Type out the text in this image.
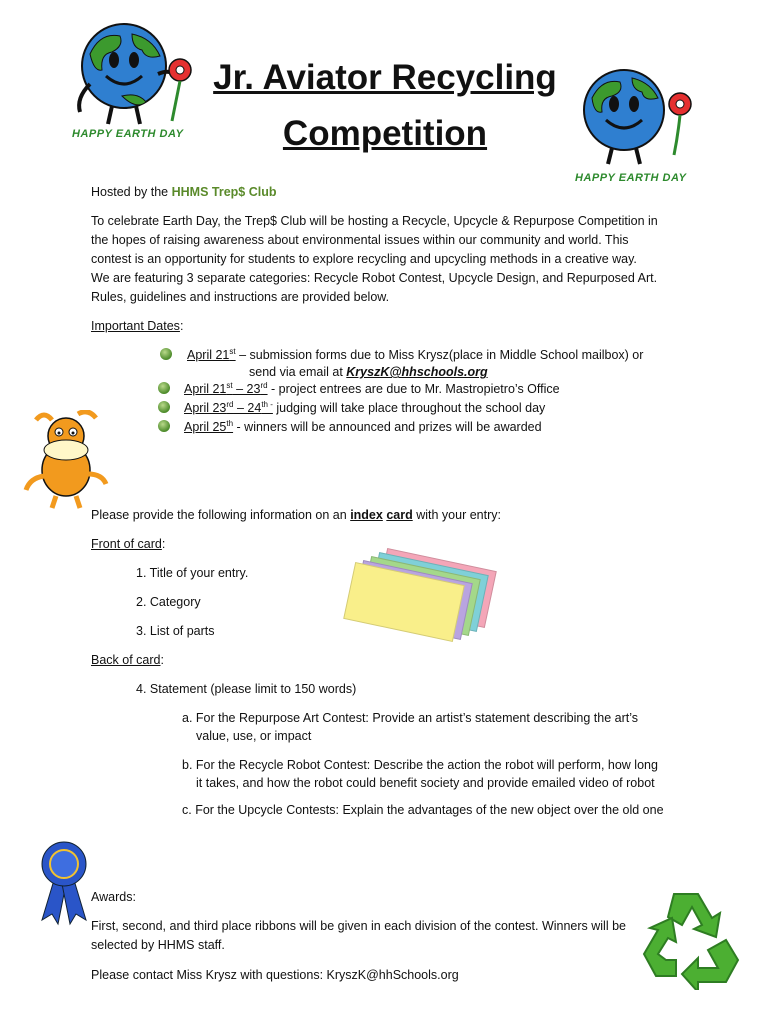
HAPPY EARTH DAY
Jr. Aviator Recycling
Competition
HAPPY EARTH DAY
Hosted by the HHMS Trep$ Club
To celebrate Earth Day, the Trep$ Club will be hosting a Recycle, Upcycle & Repurpose Competition in
the hopes of raising awareness about environmental issues within our community and world. This
contest is an opportunity for students to explore recycling and upcycling methods in a creative way.
We are featuring 3 separate categories: Recycle Robot Contest, Upcycle Design, and Repurposed Art.
Rules, guidelines and instructions are provided below.
Important Dates:
April 21st – submission forms due to Miss Krysz(place in Middle School mailbox) or
send via email at KryszK@hhschools.org
April 21st – 23rd - project entrees are due to Mr. Mastropietro’s Office
April $23rd - 24^{th -}$ judging will take place throughout the school day
April 25th - winners will be announced and prizes will be awarded
Please provide the following information on an index card with your entry:
Front of card:
1. Title of your entry.
2. Category
3. List of parts
Back of card:
4. Statement (please limit to 150 words)
a. For the Repurpose Art Contest: Provide an artist’s statement describing the art’s
value, use, or impact
b. For the Recycle Robot Contest: Describe the action the robot will perform, how long
it takes, and how the robot could benefit society and provide emailed video of robot
c. For the Upcycle Contests: Explain the advantages of the new object over the old one
Awards:
First, second, and third place ribbons will be given in each division of the contest. Winners will be
selected by HHMS staff.
Please contact Miss Krysz with questions: KryszK@hhSchools.org
